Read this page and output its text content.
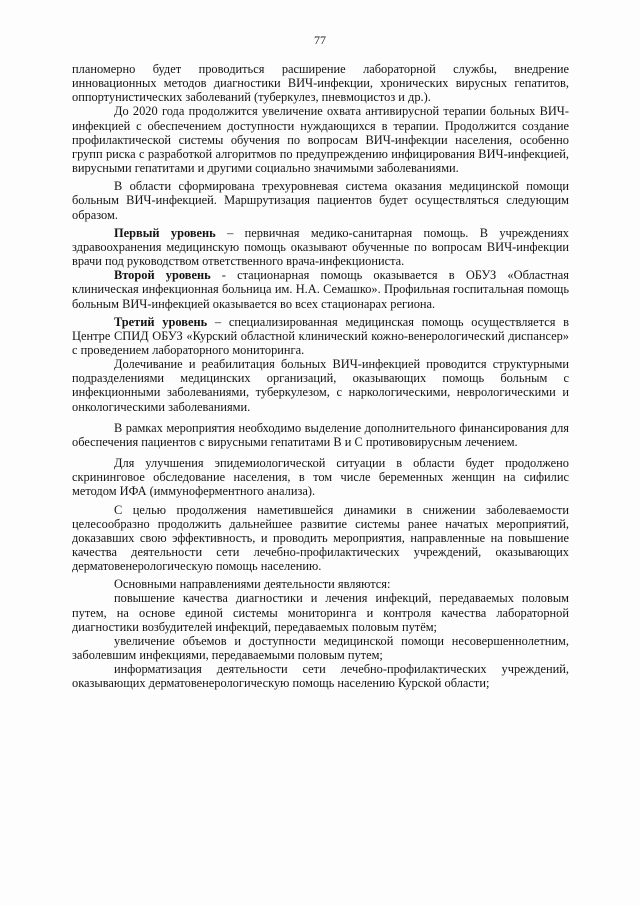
77

планомерно будет проводиться расширение лабораторной службы, внедрение инновационных методов диагностики ВИЧ-инфекции, хронических вирусных гепатитов, оппортунистических заболеваний (туберкулез, пневмоцистоз и др.).

До 2020 года продолжится увеличение охвата антивирусной терапии больных ВИЧ-инфекцией с обеспечением доступности нуждающихся в терапии. Продолжится создание профилактической системы обучения по вопросам ВИЧ-инфекции населения, особенно групп риска с разработкой алгоритмов по предупреждению инфицирования ВИЧ-инфекцией, вирусными гепатитами и другими социально значимыми заболеваниями.

В области сформирована трехуровневая система оказания медицинской помощи больным ВИЧ-инфекцией. Маршрутизация пациентов будет осуществляться следующим образом.

Первый уровень – первичная медико-санитарная помощь. В учреждениях здравоохранения медицинскую помощь оказывают обученные по вопросам ВИЧ-инфекции врачи под руководством ответственного врача-инфекциониста.

Второй уровень - стационарная помощь оказывается в ОБУЗ «Областная клиническая инфекционная больница им. Н.А. Семашко». Профильная госпитальная помощь больным ВИЧ-инфекцией оказывается во всех стационарах региона.

Третий уровень – специализированная медицинская помощь осуществляется в Центре СПИД ОБУЗ «Курский областной клинический кожно-венерологический диспансер» с проведением лабораторного мониторинга.

Долечивание и реабилитация больных ВИЧ-инфекцией проводится структурными подразделениями медицинских организаций, оказывающих помощь больным с инфекционными заболеваниями, туберкулезом, с наркологическими, неврологическими и онкологическими заболеваниями.

В рамках мероприятия необходимо выделение дополнительного финансирования для обеспечения пациентов с вирусными гепатитами В и С противовирусным лечением.

Для улучшения эпидемиологической ситуации в области будет продолжено скрининговое обследование населения, в том числе беременных женщин на сифилис методом ИФА (иммуноферментного анализа).

С целью продолжения наметившейся динамики в снижении заболеваемости целесообразно продолжить дальнейшее развитие системы ранее начатых мероприятий, доказавших свою эффективность, и проводить мероприятия, направленные на повышение качества деятельности сети лечебно-профилактических учреждений, оказывающих дерматовенерологическую помощь населению.

Основными направлениями деятельности являются:

повышение качества диагностики и лечения инфекций, передаваемых половым путем, на основе единой системы мониторинга и контроля качества лабораторной диагностики возбудителей инфекций, передаваемых половым путём;

увеличение объемов и доступности медицинской помощи несовершеннолетним, заболевшим инфекциями, передаваемыми половым путем;

информатизация деятельности сети лечебно-профилактических учреждений, оказывающих дерматовенерологическую помощь населению Курской области;
